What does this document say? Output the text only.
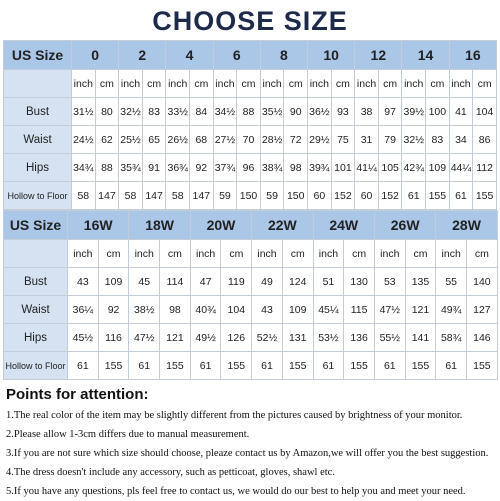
CHOOSE SIZE
US Size	0		2		4		6		8		10		12		14		16	
	inch	cm	inch	cm	inch	cm	inch	cm	inch	cm	inch	cm	inch	cm	inch	cm	inch	cm
Bust	31½	80	32½	83	33½	84	34½	88	35½	90	36½	93	38	97	39½	100	41	104
Waist	24½	62	25½	65	26½	68	27½	70	28½	72	29½	75	31	79	32½	83	34	86
Hips	34¾	88	35¾	91	36¾	92	37¾	96	38¾	98	39¾	101	41¼	105	42¾	109	44¼	112
Hollow to Floor	58	147	58	147	58	147	59	150	59	150	60	152	60	152	61	155	61	155
US Size	16W		18W		20W		22W		24W		26W		28W	
	inch	cm	inch	cm	inch	cm	inch	cm	inch	cm	inch	cm	inch	cm
Bust	43	109	45	114	47	119	49	124	51	130	53	135	55	140
Waist	36¼	92	38½	98	40¾	104	43	109	45¼	115	47½	121	49¾	127
Hips	45½	116	47½	121	49½	126	52½	131	53½	136	55½	141	58¾	146
Hollow to Floor	61	155	61	155	61	155	61	155	61	155	61	155	61	155
Points for attention:

1.The real color of the item may be slightly different from the pictures caused by brightness of your monitor.

2.Please allow 1-3cm differs due to manual measurement.

3.If you are not sure which size should choose, pleaze contact us by Amazon,we will offer you the best suggestion.

4.The dress doesn't include any accessory, such as petticoat, gloves, shawl etc.

5.If you have any questions, pls feel free to contact us, we would do our best to help you and meet your need.
